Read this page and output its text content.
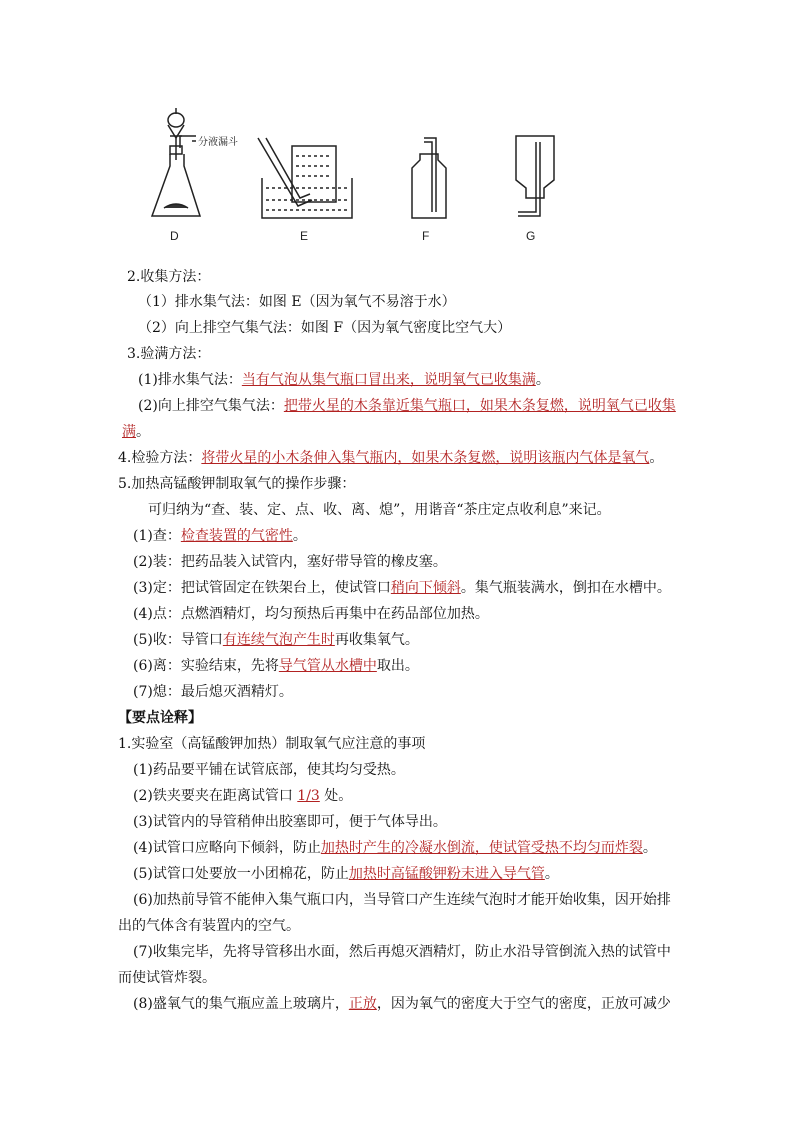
分液漏斗
D	E	F	G
2.收集方法：
（1）排水集气法：如图 E（因为氧气不易溶于水）
（2）向上排空气集气法：如图 F（因为氧气密度比空气大）
3.验满方法：
(1)排水集气法：当有气泡从集气瓶口冒出来，说明氧气已收集满。
(2)向上排空气集气法：把带火星的木条靠近集气瓶口，如果木条复燃，说明氧气已收集
满。
4.检验方法：将带火星的小木条伸入集气瓶内，如果木条复燃，说明该瓶内气体是氧气。
5.加热高锰酸钾制取氧气的操作步骤：
可归纳为“查、装、定、点、收、离、熄”，用谐音“茶庄定点收利息”来记。
(1)查：检查装置的气密性。
(2)装：把药品装入试管内，塞好带导管的橡皮塞。
(3)定：把试管固定在铁架台上，使试管口稍向下倾斜。集气瓶装满水，倒扣在水槽中。
(4)点：点燃酒精灯，均匀预热后再集中在药品部位加热。
(5)收：导管口有连续气泡产生时再收集氧气。
(6)离：实验结束，先将导气管从水槽中取出。
(7)熄：最后熄灭酒精灯。
【要点诠释】
1.实验室（高锰酸钾加热）制取氧气应注意的事项
(1)药品要平铺在试管底部，使其均匀受热。
(2)铁夹要夹在距离试管口 1/3 处。
(3)试管内的导管稍伸出胶塞即可，便于气体导出。
(4)试管口应略向下倾斜，防止加热时产生的冷凝水倒流，使试管受热不均匀而炸裂。
(5)试管口处要放一小团棉花，防止加热时高锰酸钾粉末进入导气管。
(6)加热前导管不能伸入集气瓶口内，当导管口产生连续气泡时才能开始收集，因开始排
出的气体含有装置内的空气。
(7)收集完毕，先将导管移出水面，然后再熄灭酒精灯，防止水沿导管倒流入热的试管中
而使试管炸裂。
(8)盛氧气的集气瓶应盖上玻璃片，正放，因为氧气的密度大于空气的密度，正放可减少
